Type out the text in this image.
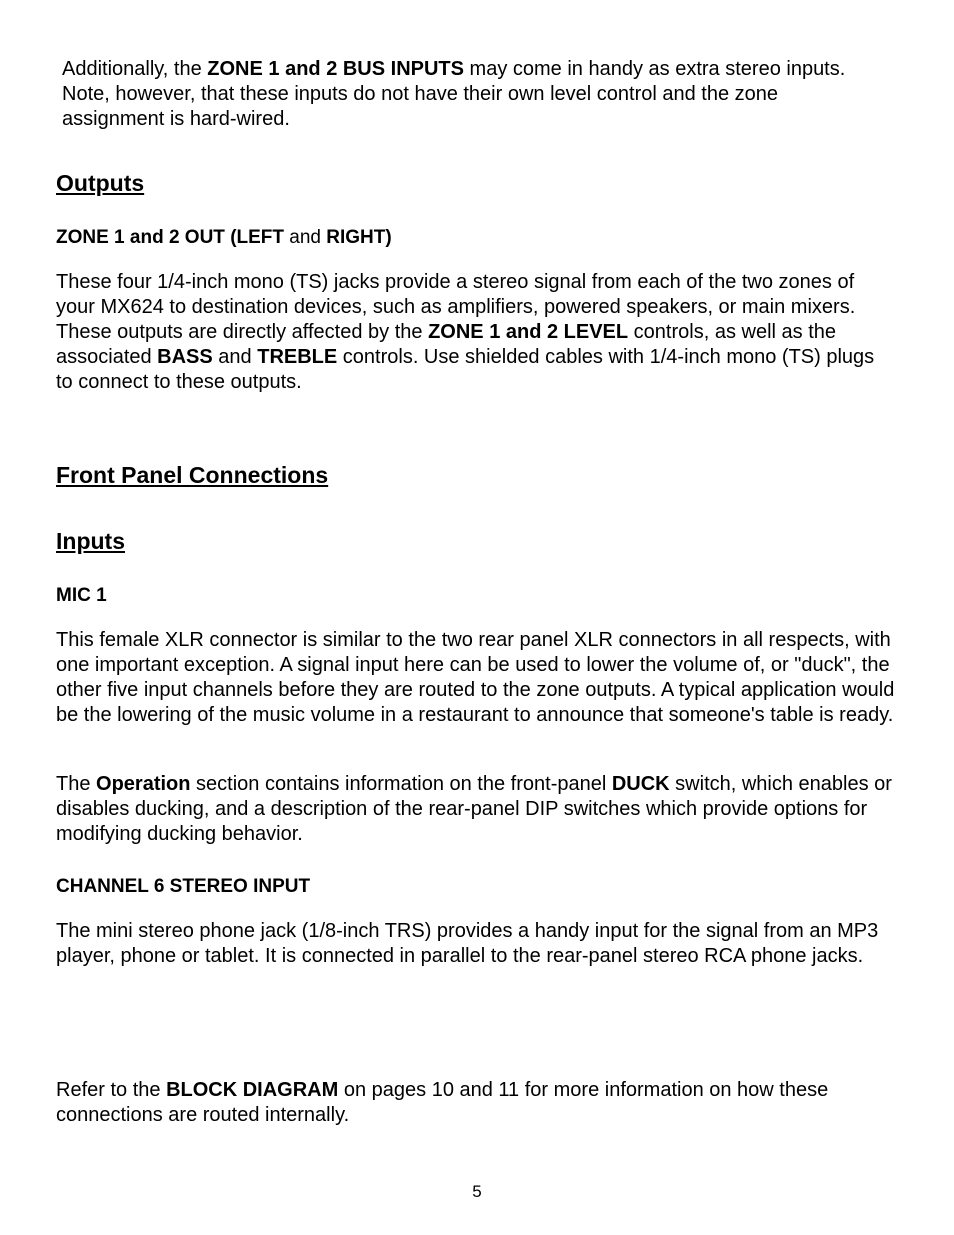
Additionally, the ZONE 1 and 2 BUS INPUTS may come in handy as extra stereo inputs. Note, however, that these inputs do not have their own level control and the zone assignment is hard-wired.

Outputs
ZONE 1 and 2 OUT (LEFT and RIGHT)

These four 1/4-inch mono (TS) jacks provide a stereo signal from each of the two zones of your MX624 to destination devices, such as amplifiers, powered speakers, or main mixers. These outputs are directly affected by the ZONE 1 and 2 LEVEL controls, as well as the associated BASS and TREBLE controls. Use shielded cables with 1/4-inch mono (TS) plugs to connect to these outputs.

Front Panel Connections
Inputs
MIC 1

This female XLR connector is similar to the two rear panel XLR connectors in all respects, with one important exception. A signal input here can be used to lower the volume of, or "duck", the other five input channels before they are routed to the zone outputs. A typical application would be the lowering of the music volume in a restaurant to announce that someone's table is ready.

The Operation section contains information on the front-panel DUCK switch, which enables or disables ducking, and a description of the rear-panel DIP switches which provide options for modifying ducking behavior.

CHANNEL 6 STEREO INPUT

The mini stereo phone jack (1/8-inch TRS) provides a handy input for the signal from an MP3 player, phone or tablet. It is connected in parallel to the rear-panel stereo RCA phone jacks.

Refer to the BLOCK DIAGRAM on pages 10 and 11 for more information on how these connections are routed internally.

5
